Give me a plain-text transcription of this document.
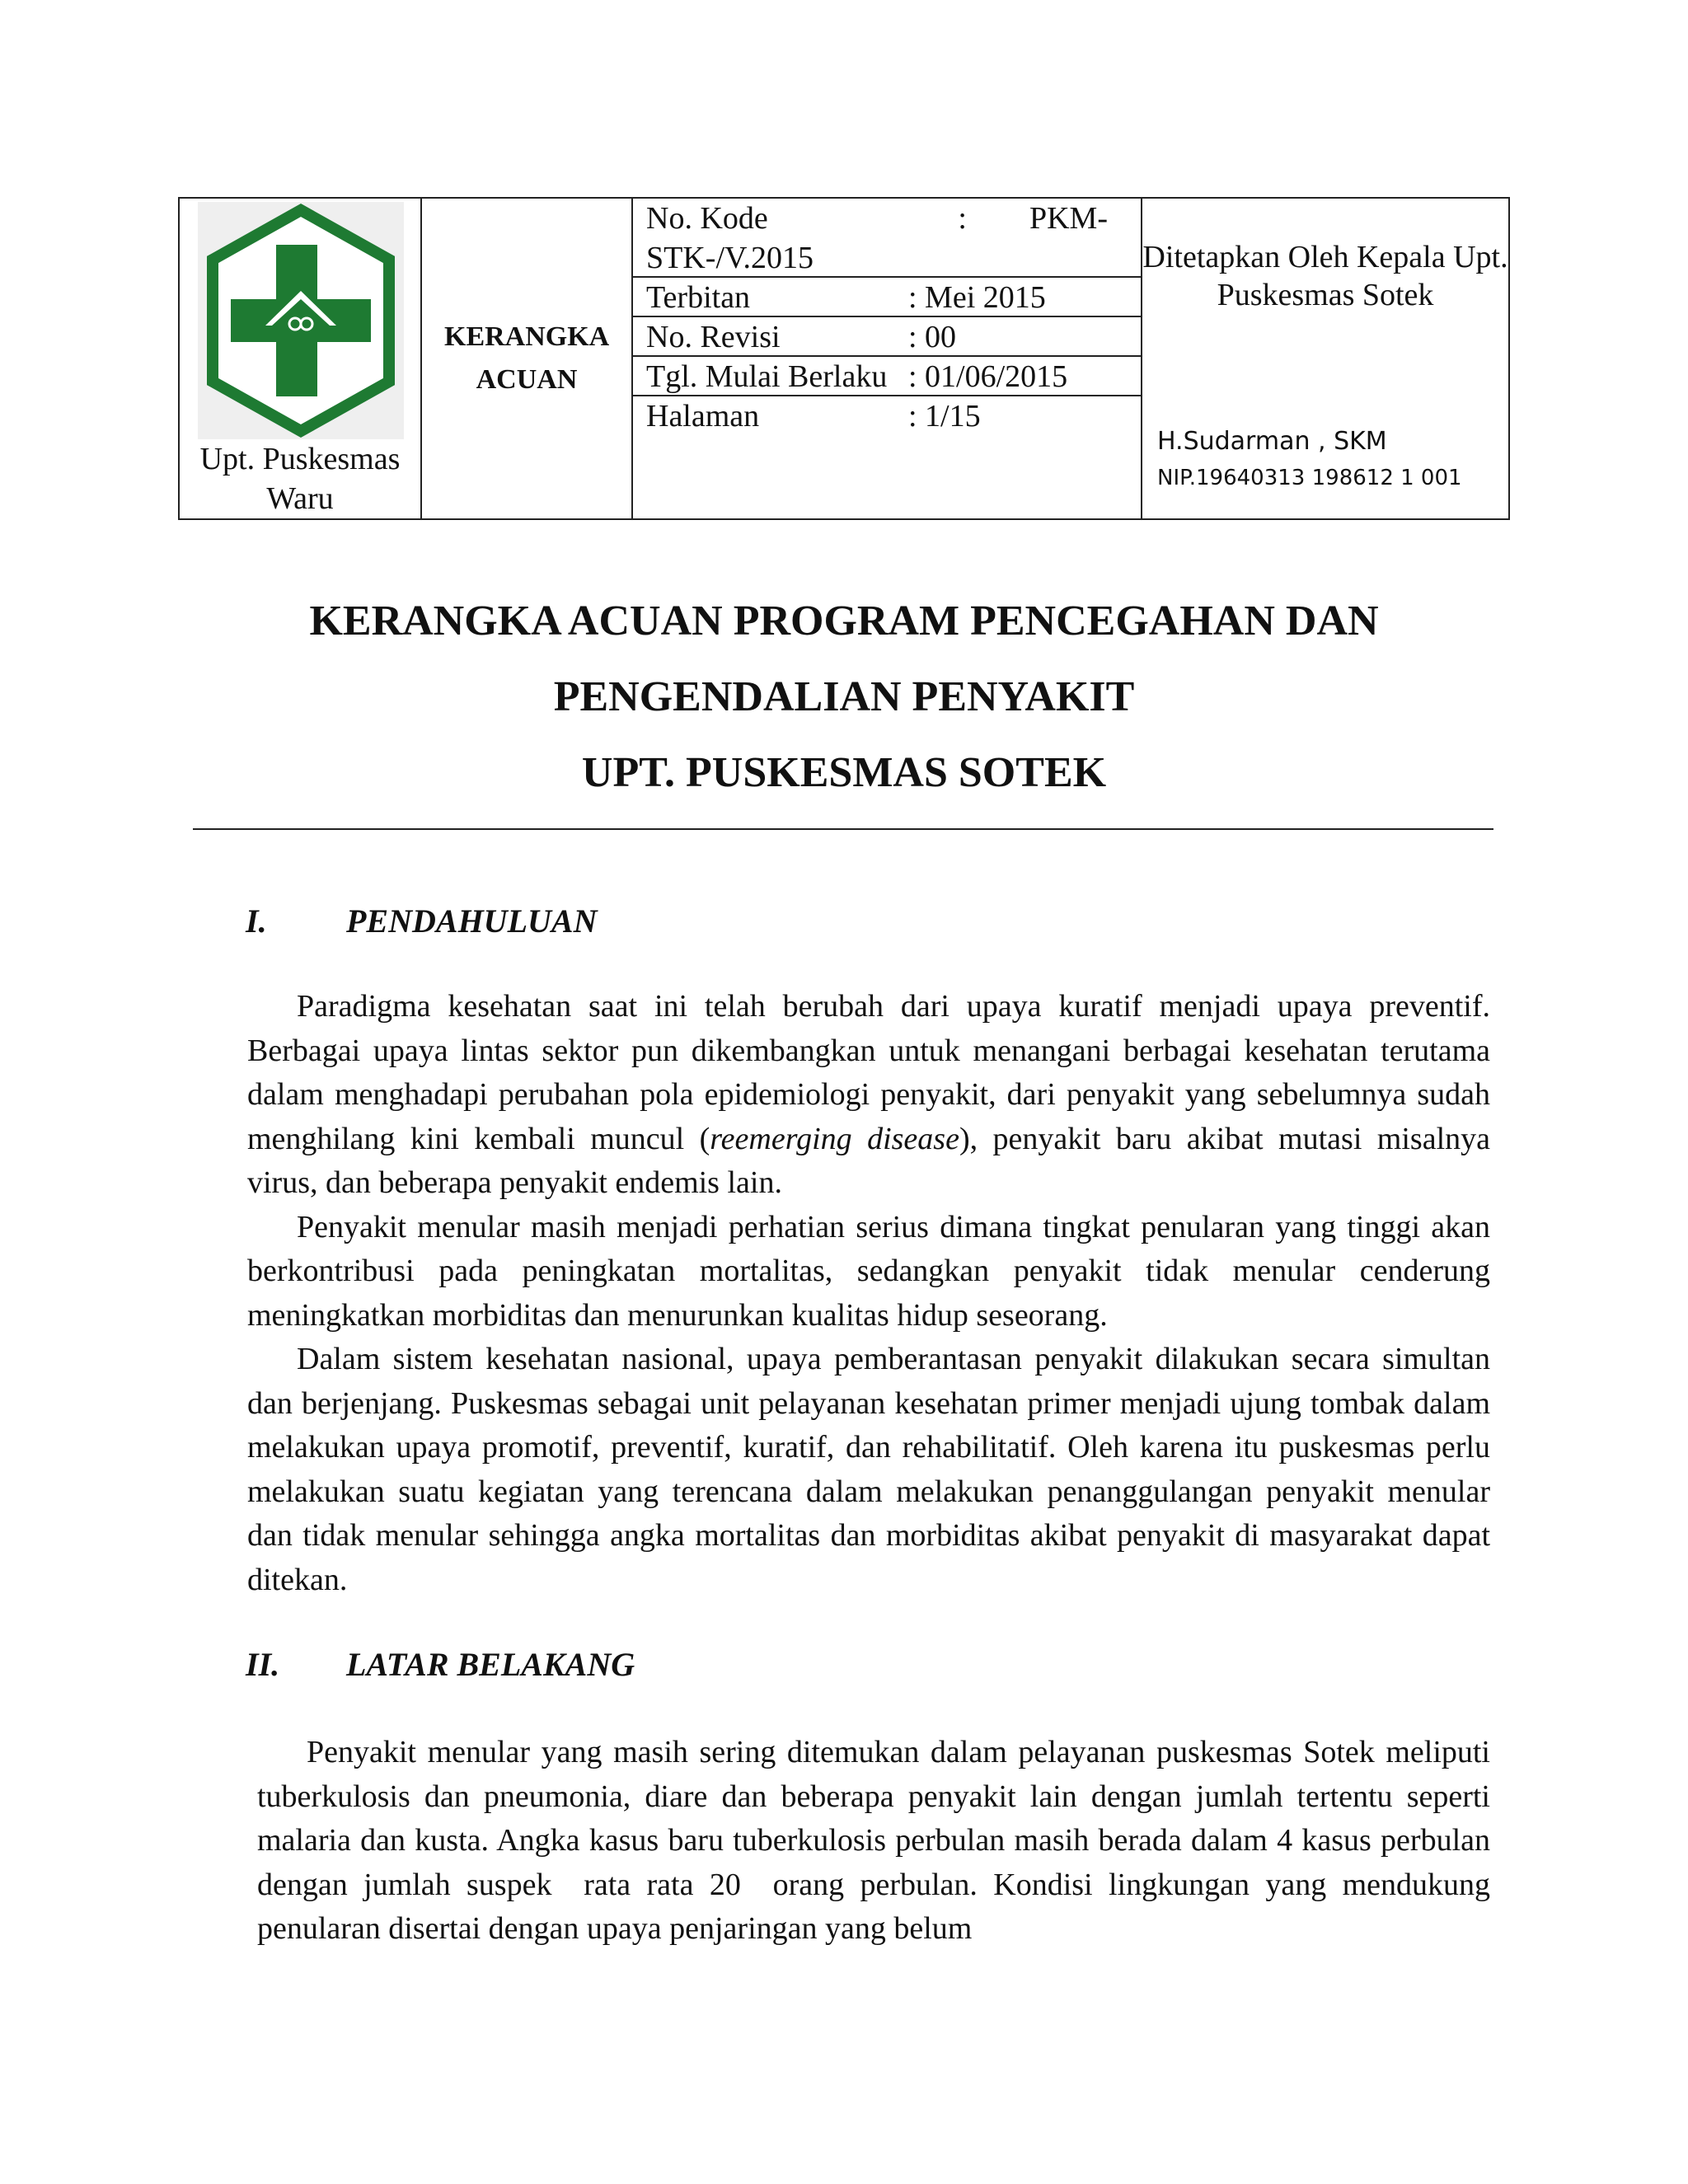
Upt. Puskesmas Waru

KERANGKA ACUAN

No. Kode	:        PKM-
STK-/V.2015
Terbitan	: Mei 2015
No. Revisi	: 00
Tgl. Mulai Berlaku : 01/06/2015
Halaman	: 1/15

Ditetapkan Oleh Kepala Upt. Puskesmas Sotek
H.Sudarman , SKM
NIP.19640313 198612 1 001
KERANGKA ACUAN PROGRAM PENCEGAHAN DAN
PENGENDALIAN PENYAKIT
UPT. PUSKESMAS SOTEK
I. PENDAHULUAN

Paradigma kesehatan saat ini telah berubah dari upaya kuratif menjadi upaya preventif. Berbagai upaya lintas sektor pun dikembangkan untuk menangani berbagai kesehatan terutama dalam menghadapi perubahan pola epidemiologi penyakit, dari penyakit yang sebelumnya sudah menghilang kini kembali muncul (reemerging disease), penyakit baru akibat mutasi misalnya virus, dan beberapa penyakit endemis lain.

Penyakit menular masih menjadi perhatian serius dimana tingkat penularan yang tinggi akan berkontribusi pada peningkatan mortalitas, sedangkan penyakit tidak menular cenderung meningkatkan morbiditas dan menurunkan kualitas hidup seseorang.

Dalam sistem kesehatan nasional, upaya pemberantasan penyakit dilakukan secara simultan dan berjenjang. Puskesmas sebagai unit pelayanan kesehatan primer menjadi ujung tombak dalam melakukan upaya promotif, preventif, kuratif, dan rehabilitatif. Oleh karena itu puskesmas perlu melakukan suatu kegiatan yang terencana dalam melakukan penanggulangan penyakit menular dan tidak menular sehingga angka mortalitas dan morbiditas akibat penyakit di masyarakat dapat ditekan.

II. LATAR BELAKANG

Penyakit menular yang masih sering ditemukan dalam pelayanan puskesmas Sotek meliputi tuberkulosis dan pneumonia, diare dan beberapa penyakit lain dengan jumlah tertentu seperti malaria dan kusta. Angka kasus baru tuberkulosis perbulan masih berada dalam 4 kasus perbulan dengan jumlah suspek  rata rata 20  orang perbulan. Kondisi lingkungan yang mendukung penularan disertai dengan upaya penjaringan yang belum
